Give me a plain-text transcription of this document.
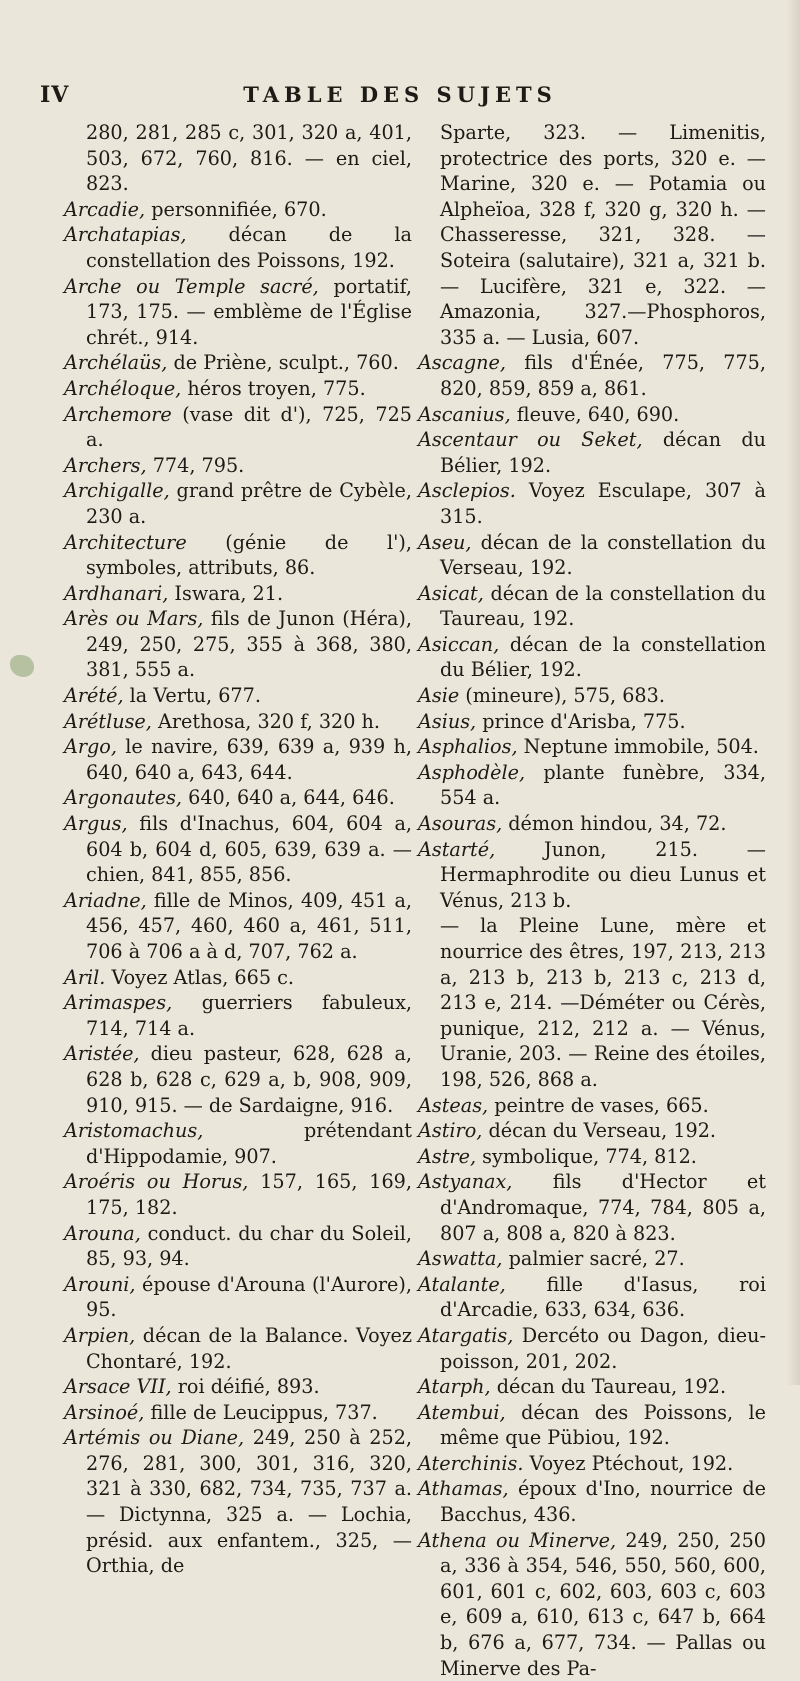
IV	TABLE DES SUJETS

280, 281, 285 c, 301, 320 a, 401, 503, 672, 760, 816. — en ciel, 823.

Arcadie, personnifiée, 670.

Archatapias, décan de la constellation des Poissons, 192.

Arche ou Temple sacré, portatif, 173, 175. — emblème de l'Église chrét., 914.

Archélaüs, de Priène, sculpt., 760.

Archéloque, héros troyen, 775.

Archemore (vase dit d'), 725, 725 a.

Archers, 774, 795.

Archigalle, grand prêtre de Cybèle, 230 a.

Architecture (génie de l'), symboles, attributs, 86.

Ardhanari, Iswara, 21.

Arès ou Mars, fils de Junon (Héra), 249, 250, 275, 355 à 368, 380, 381, 555 a.

Arété, la Vertu, 677.

Arétluse, Arethosa, 320 f, 320 h.

Argo, le navire, 639, 639 a, 939 h, 640, 640 a, 643, 644.

Argonautes, 640, 640 a, 644, 646.

Argus, fils d'Inachus, 604, 604 a, 604 b, 604 d, 605, 639, 639 a. — chien, 841, 855, 856.

Ariadne, fille de Minos, 409, 451 a, 456, 457, 460, 460 a, 461, 511, 706 à 706 a à d, 707, 762 a.

Aril. Voyez Atlas, 665 c.

Arimaspes, guerriers fabuleux, 714, 714 a.

Aristée, dieu pasteur, 628, 628 a, 628 b, 628 c, 629 a, b, 908, 909, 910, 915. — de Sardaigne, 916.

Aristomachus, prétendant d'Hippodamie, 907.

Aroéris ou Horus, 157, 165, 169, 175, 182.

Arouna, conduct. du char du Soleil, 85, 93, 94.

Arouni, épouse d'Arouna (l'Aurore), 95.

Arpien, décan de la Balance. Voyez Chontaré, 192.

Arsace VII, roi déifié, 893.

Arsinoé, fille de Leucippus, 737.

Artémis ou Diane, 249, 250 à 252, 276, 281, 300, 301, 316, 320, 321 à 330, 682, 734, 735, 737 a. — Dictynna, 325 a. — Lochia, présid. aux enfantem., 325, — Orthia, de

Sparte, 323. — Limenitis, protectrice des ports, 320 e. — Marine, 320 e. — Potamia ou Alpheïoa, 328 f, 320 g, 320 h. — Chasseresse, 321, 328. — Soteira (salutaire), 321 a, 321 b. — Lucifère, 321 e, 322. — Amazonia, 327.—Phosphoros, 335 a. — Lusia, 607.

Ascagne, fils d'Énée, 775, 775, 820, 859, 859 a, 861.

Ascanius, fleuve, 640, 690.

Ascentaur ou Seket, décan du Bélier, 192.

Asclepios. Voyez Esculape, 307 à 315.

Aseu, décan de la constellation du Verseau, 192.

Asicat, décan de la constellation du Taureau, 192.

Asiccan, décan de la constellation du Bélier, 192.

Asie (mineure), 575, 683.

Asius, prince d'Arisba, 775.

Asphalios, Neptune immobile, 504.

Asphodèle, plante funèbre, 334, 554 a.

Asouras, démon hindou, 34, 72.

Astarté, Junon, 215. — Hermaphrodite ou dieu Lunus et Vénus, 213 b.

— la Pleine Lune, mère et nourrice des êtres, 197, 213, 213 a, 213 b, 213 b, 213 c, 213 d, 213 e, 214. —Déméter ou Cérès, punique, 212, 212 a. — Vénus, Uranie, 203. — Reine des étoiles, 198, 526, 868 a.

Asteas, peintre de vases, 665.

Astiro, décan du Verseau, 192.

Astre, symbolique, 774, 812.

Astyanax, fils d'Hector et d'Andromaque, 774, 784, 805 a, 807 a, 808 a, 820 à 823.

Aswatta, palmier sacré, 27.

Atalante, fille d'Iasus, roi d'Arcadie, 633, 634, 636.

Atargatis, Dercéto ou Dagon, dieu-poisson, 201, 202.

Atarph, décan du Taureau, 192.

Atembui, décan des Poissons, le même que Pübiou, 192.

Aterchinis. Voyez Ptéchout, 192.

Athamas, époux d'Ino, nourrice de Bacchus, 436.

Athena ou Minerve, 249, 250, 250 a, 336 à 354, 546, 550, 560, 600, 601, 601 c, 602, 603, 603 c, 603 e, 609 a, 610, 613 c, 647 b, 664 b, 676 a, 677, 734. — Pallas ou Minerve des Pa-
